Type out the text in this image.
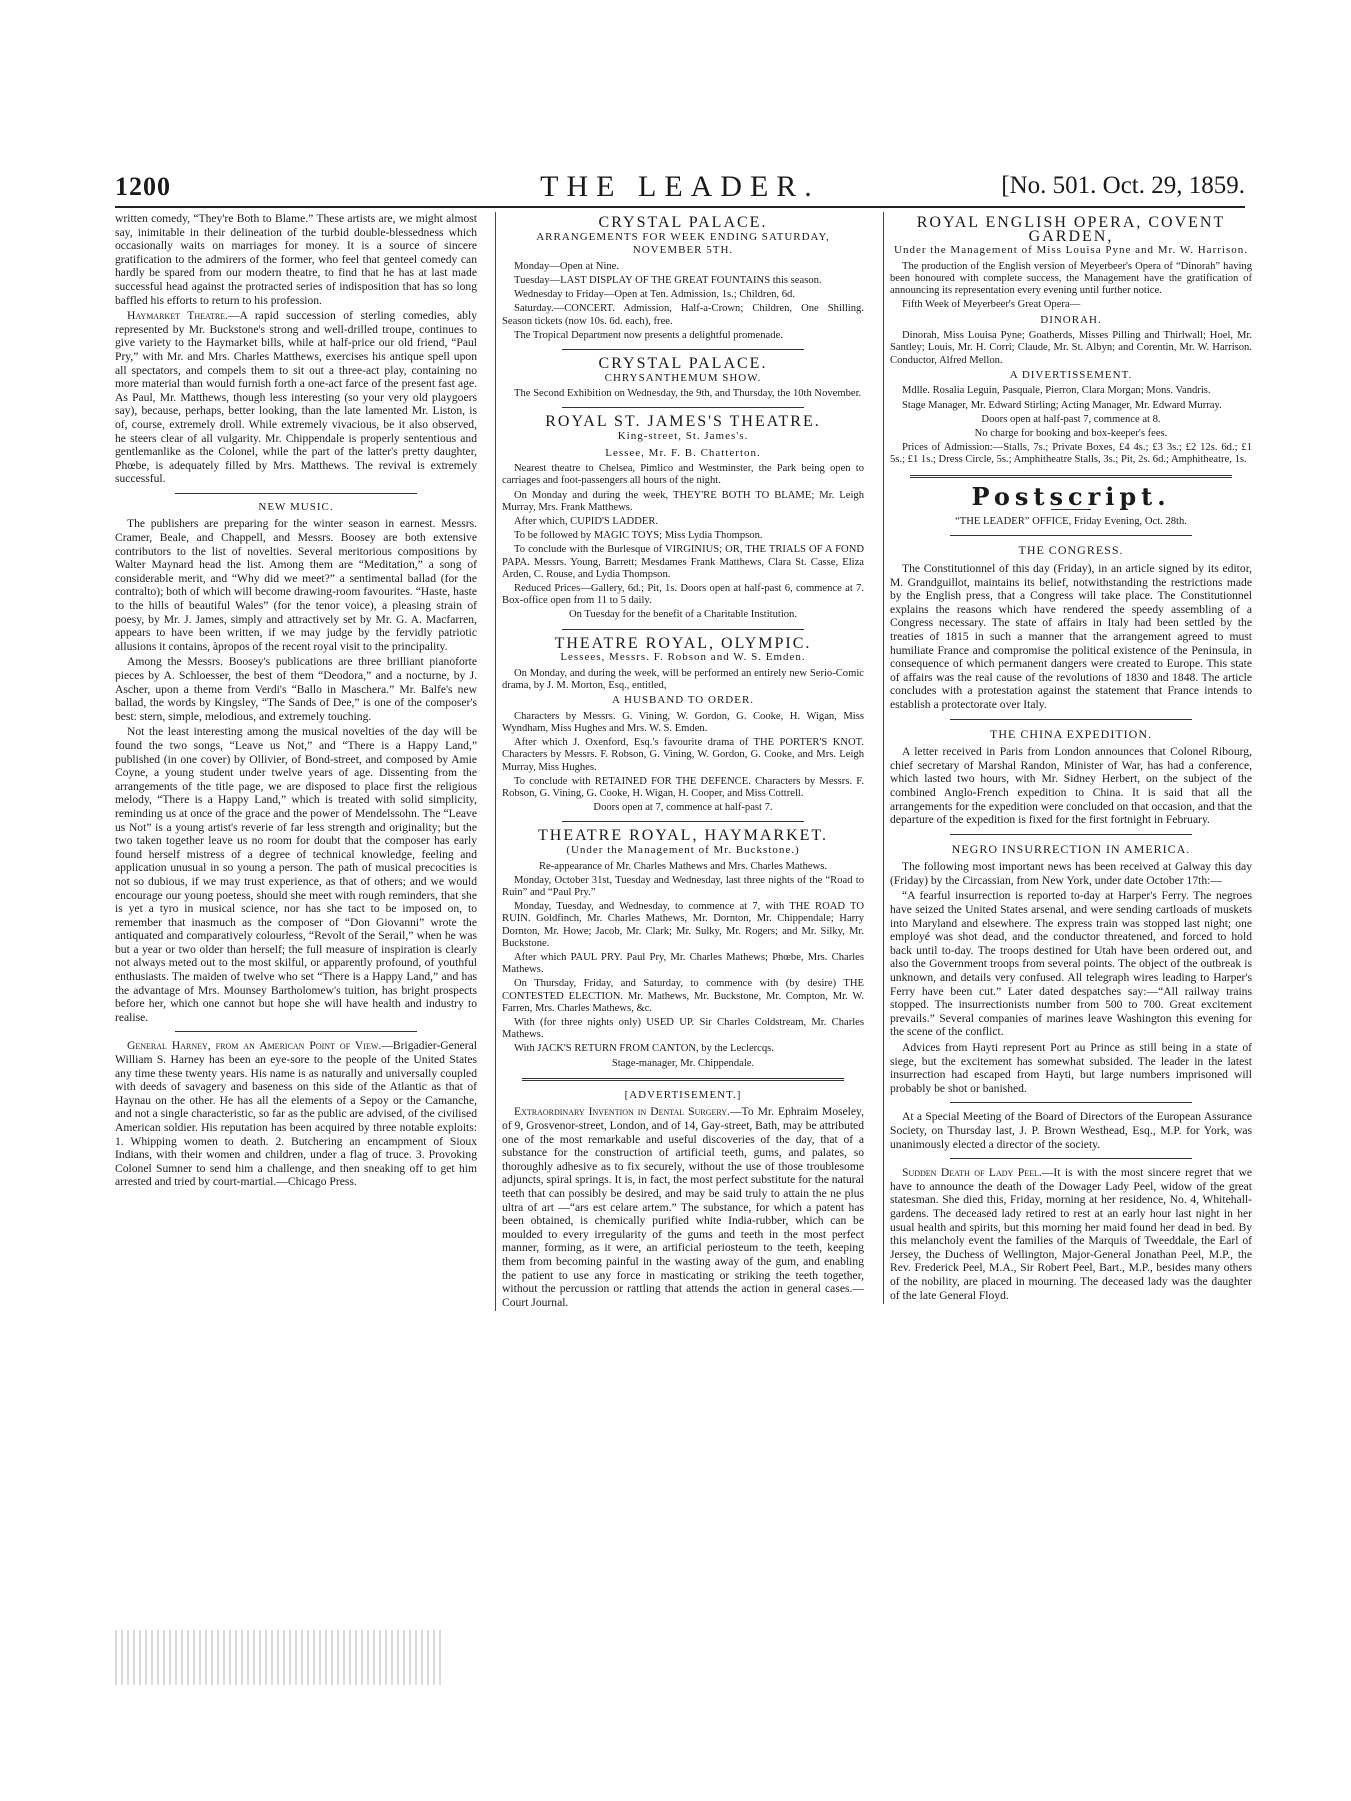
1200	THE LEADER.	[No. 501. Oct. 29, 1859.

written comedy, “They're Both to Blame.” These artists are, we might almost say, inimitable in their delineation of the turbid double-blessedness which occasionally waits on marriages for money. It is a source of sincere gratification to the admirers of the former, who feel that genteel comedy can hardly be spared from our modern theatre, to find that he has at last made successful head against the protracted series of indisposition that has so long baffled his efforts to return to his profession.

Haymarket Theatre.—A rapid succession of sterling comedies, ably represented by Mr. Buckstone's strong and well-drilled troupe, continues to give variety to the Haymarket bills, while at half-price our old friend, “Paul Pry,” with Mr. and Mrs. Charles Matthews, exercises his antique spell upon all spectators, and compels them to sit out a three-act play, containing no more material than would furnish forth a one-act farce of the present fast age. As Paul, Mr. Matthews, though less interesting (so your very old playgoers say), because, perhaps, better looking, than the late lamented Mr. Liston, is of, course, extremely droll. While extremely vivacious, be it also observed, he steers clear of all vulgarity. Mr. Chippendale is properly sententious and gentlemanlike as the Colonel, while the part of the latter's pretty daughter, Phœbe, is adequately filled by Mrs. Matthews. The revival is extremely successful.

NEW MUSIC.

The publishers are preparing for the winter season in earnest. Messrs. Cramer, Beale, and Chappell, and Messrs. Boosey are both extensive contributors to the list of novelties. Several meritorious compositions by Walter Maynard head the list. Among them are “Meditation,” a song of considerable merit, and “Why did we meet?” a sentimental ballad (for the contralto); both of which will become drawing-room favourites. “Haste, haste to the hills of beautiful Wales” (for the tenor voice), a pleasing strain of poesy, by Mr. J. James, simply and attractively set by Mr. G. A. Macfarren, appears to have been written, if we may judge by the fervidly patriotic allusions it contains, àpropos of the recent royal visit to the principality.

Among the Messrs. Boosey's publications are three brilliant pianoforte pieces by A. Schloesser, the best of them “Deodora,” and a nocturne, by J. Ascher, upon a theme from Verdi's “Ballo in Maschera.” Mr. Balfe's new ballad, the words by Kingsley, “The Sands of Dee,” is one of the composer's best: stern, simple, melodious, and extremely touching.

Not the least interesting among the musical novelties of the day will be found the two songs, “Leave us Not,” and “There is a Happy Land,” published (in one cover) by Ollivier, of Bond-street, and composed by Amie Coyne, a young student under twelve years of age. Dissenting from the arrangements of the title page, we are disposed to place first the religious melody, “There is a Happy Land,” which is treated with solid simplicity, reminding us at once of the grace and the power of Mendelssohn. The “Leave us Not” is a young artist's reverie of far less strength and originality; but the two taken together leave us no room for doubt that the composer has early found herself mistress of a degree of technical knowledge, feeling and application unusual in so young a person. The path of musical precocities is not so dubious, if we may trust experience, as that of others; and we would encourage our young poetess, should she meet with rough reminders, that she is yet a tyro in musical science, nor has she tact to be imposed on, to remember that inasmuch as the composer of “Don Giovanni” wrote the antiquated and comparatively colourless, “Revolt of the Serail,” when he was but a year or two older than herself; the full measure of inspiration is clearly not always meted out to the most skilful, or apparently profound, of youthful enthusiasts. The maiden of twelve who set “There is a Happy Land,” and has the advantage of Mrs. Mounsey Bartholomew's tuition, has bright prospects before her, which one cannot but hope she will have health and industry to realise.

General Harney, from an American Point of View.—Brigadier-General William S. Harney has been an eye-sore to the people of the United States any time these twenty years. His name is as naturally and universally coupled with deeds of savagery and baseness on this side of the Atlantic as that of Haynau on the other. He has all the elements of a Sepoy or the Camanche, and not a single characteristic, so far as the public are advised, of the civilised American soldier. His reputation has been acquired by three notable exploits: 1. Whipping women to death. 2. Butchering an encampment of Sioux Indians, with their women and children, under a flag of truce. 3. Provoking Colonel Sumner to send him a challenge, and then sneaking off to get him arrested and tried by court-martial.—Chicago Press.

CRYSTAL PALACE.
ARRANGEMENTS FOR WEEK ENDING SATURDAY, NOVEMBER 5TH.

Monday—Open at Nine.

Tuesday—LAST DISPLAY OF THE GREAT FOUNTAINS this season.

Wednesday to Friday—Open at Ten. Admission, 1s.; Children, 6d.

Saturday.—CONCERT. Admission, Half-a-Crown; Children, One Shilling. Season tickets (now 10s. 6d. each), free.

The Tropical Department now presents a delightful promenade.

CRYSTAL PALACE.
CHRYSANTHEMUM SHOW.

The Second Exhibition on Wednesday, the 9th, and Thursday, the 10th November.

ROYAL ST. JAMES'S THEATRE.
King-street, St. James's.
Lessee, Mr. F. B. Chatterton.

Nearest theatre to Chelsea, Pimlico and Westminster, the Park being open to carriages and foot-passengers all hours of the night.

On Monday and during the week, THEY'RE BOTH TO BLAME; Mr. Leigh Murray, Mrs. Frank Matthews.

After which, CUPID'S LADDER.

To be followed by MAGIC TOYS; Miss Lydia Thompson.

To conclude with the Burlesque of VIRGINIUS; OR, THE TRIALS OF A FOND PAPA. Messrs. Young, Barrett; Mesdames Frank Matthews, Clara St. Casse, Eliza Arden, C. Rouse, and Lydia Thompson.

Reduced Prices—Gallery, 6d.; Pit, 1s. Doors open at half-past 6, commence at 7. Box-office open from 11 to 5 daily.

On Tuesday for the benefit of a Charitable Institution.

THEATRE ROYAL, OLYMPIC.
Lessees, Messrs. F. Robson and W. S. Emden.

On Monday, and during the week, will be performed an entirely new Serio-Comic drama, by J. M. Morton, Esq., entitled,

A HUSBAND TO ORDER.

Characters by Messrs. G. Vining, W. Gordon, G. Cooke, H. Wigan, Miss Wyndham, Miss Hughes and Mrs. W. S. Emden.

After which J. Oxenford, Esq.'s favourite drama of THE PORTER'S KNOT. Characters by Messrs. F. Robson, G. Vining, W. Gordon, G. Cooke, and Mrs. Leigh Murray, Miss Hughes.

To conclude with RETAINED FOR THE DEFENCE. Characters by Messrs. F. Robson, G. Vining, G. Cooke, H. Wigan, H. Cooper, and Miss Cottrell.

Doors open at 7, commence at half-past 7.

THEATRE ROYAL, HAYMARKET.
(Under the Management of Mr. Buckstone.)

Re-appearance of Mr. Charles Mathews and Mrs. Charles Mathews.

Monday, October 31st, Tuesday and Wednesday, last three nights of the “Road to Ruin” and “Paul Pry.”

Monday, Tuesday, and Wednesday, to commence at 7, with THE ROAD TO RUIN. Goldfinch, Mr. Charles Mathews, Mr. Dornton, Mr. Chippendale; Harry Dornton, Mr. Howe; Jacob, Mr. Clark; Mr. Sulky, Mr. Rogers; and Mr. Silky, Mr. Buckstone.

After which PAUL PRY. Paul Pry, Mr. Charles Mathews; Phœbe, Mrs. Charles Mathews.

On Thursday, Friday, and Saturday, to commence with (by desire) THE CONTESTED ELECTION. Mr. Mathews, Mr. Buckstone, Mr. Compton, Mr. W. Farren, Mrs. Charles Mathews, &c.

With (for three nights only) USED UP. Sir Charles Coldstream, Mr. Charles Mathews.

With JACK'S RETURN FROM CANTON, by the Leclercqs.

Stage-manager, Mr. Chippendale.

[ADVERTISEMENT.]

Extraordinary Invention in Dental Surgery.—To Mr. Ephraim Moseley, of 9, Grosvenor-street, London, and of 14, Gay-street, Bath, may be attributed one of the most remarkable and useful discoveries of the day, that of a substance for the construction of artificial teeth, gums, and palates, so thoroughly adhesive as to fix securely, without the use of those troublesome adjuncts, spiral springs. It is, in fact, the most perfect substitute for the natural teeth that can possibly be desired, and may be said truly to attain the ne plus ultra of art —“ars est celare artem.” The substance, for which a patent has been obtained, is chemically purified white India-rubber, which can be moulded to every irregularity of the gums and teeth in the most perfect manner, forming, as it were, an artificial periosteum to the teeth, keeping them from becoming painful in the wasting away of the gum, and enabling the patient to use any force in masticating or striking the teeth together, without the percussion or rattling that attends the action in general cases.—Court Journal.

ROYAL ENGLISH OPERA, COVENT GARDEN,
Under the Management of Miss Louisa Pyne and Mr. W. Harrison.

The production of the English version of Meyerbeer's Opera of “Dinorah” having been honoured with complete success, the Management have the gratification of announcing its representation every evening until further notice.

Fifth Week of Meyerbeer's Great Opera—

DINORAH.

Dinorah, Miss Louisa Pyne; Goatherds, Misses Pilling and Thirlwall; Hoel, Mr. Santley; Louis, Mr. H. Corri; Claude, Mr. St. Albyn; and Corentin, Mr. W. Harrison. Conductor, Alfred Mellon.

A DIVERTISSEMENT.

Mdlle. Rosalia Leguin, Pasquale, Pierron, Clara Morgan; Mons. Vandris.

Stage Manager, Mr. Edward Stirling; Acting Manager, Mr. Edward Murray.

Doors open at half-past 7, commence at 8.

No charge for booking and box-keeper's fees.

Prices of Admission:—Stalls, 7s.; Private Boxes, £4 4s.; £3 3s.; £2 12s. 6d.; £1 5s.; £1 1s.; Dress Circle, 5s.; Amphitheatre Stalls, 3s.; Pit, 2s. 6d.; Amphitheatre, 1s.

Postscript.

“THE LEADER” OFFICE, Friday Evening, Oct. 28th.

THE CONGRESS.

The Constitutionnel of this day (Friday), in an article signed by its editor, M. Grandguillot, maintains its belief, notwithstanding the restrictions made by the English press, that a Congress will take place. The Constitutionnel explains the reasons which have rendered the speedy assembling of a Congress necessary. The state of affairs in Italy had been settled by the treaties of 1815 in such a manner that the arrangement agreed to must humiliate France and compromise the political existence of the Peninsula, in consequence of which permanent dangers were created to Europe. This state of affairs was the real cause of the revolutions of 1830 and 1848. The article concludes with a protestation against the statement that France intends to establish a protectorate over Italy.

THE CHINA EXPEDITION.

A letter received in Paris from London announces that Colonel Ribourg, chief secretary of Marshal Randon, Minister of War, has had a conference, which lasted two hours, with Mr. Sidney Herbert, on the subject of the combined Anglo-French expedition to China. It is said that all the arrangements for the expedition were concluded on that occasion, and that the departure of the expedition is fixed for the first fortnight in February.

NEGRO INSURRECTION IN AMERICA.

The following most important news has been received at Galway this day (Friday) by the Circassian, from New York, under date October 17th:—

“A fearful insurrection is reported to-day at Harper's Ferry. The negroes have seized the United States arsenal, and were sending cartloads of muskets into Maryland and elsewhere. The express train was stopped last night; one employé was shot dead, and the conductor threatened, and forced to hold back until to-day. The troops destined for Utah have been ordered out, and also the Government troops from several points. The object of the outbreak is unknown, and details very confused. All telegraph wires leading to Harper's Ferry have been cut.” Later dated despatches say:—“All railway trains stopped. The insurrectionists number from 500 to 700. Great excitement prevails.” Several companies of marines leave Washington this evening for the scene of the conflict.

Advices from Hayti represent Port au Prince as still being in a state of siege, but the excitement has somewhat subsided. The leader in the latest insurrection had escaped from Hayti, but large numbers imprisoned will probably be shot or banished.

At a Special Meeting of the Board of Directors of the European Assurance Society, on Thursday last, J. P. Brown Westhead, Esq., M.P. for York, was unanimously elected a director of the society.

Sudden Death of Lady Peel.—It is with the most sincere regret that we have to announce the death of the Dowager Lady Peel, widow of the great statesman. She died this, Friday, morning at her residence, No. 4, Whitehall-gardens. The deceased lady retired to rest at an early hour last night in her usual health and spirits, but this morning her maid found her dead in bed. By this melancholy event the families of the Marquis of Tweeddale, the Earl of Jersey, the Duchess of Wellington, Major-General Jonathan Peel, M.P., the Rev. Frederick Peel, M.A., Sir Robert Peel, Bart., M.P., besides many others of the nobility, are placed in mourning. The deceased lady was the daughter of the late General Floyd.
